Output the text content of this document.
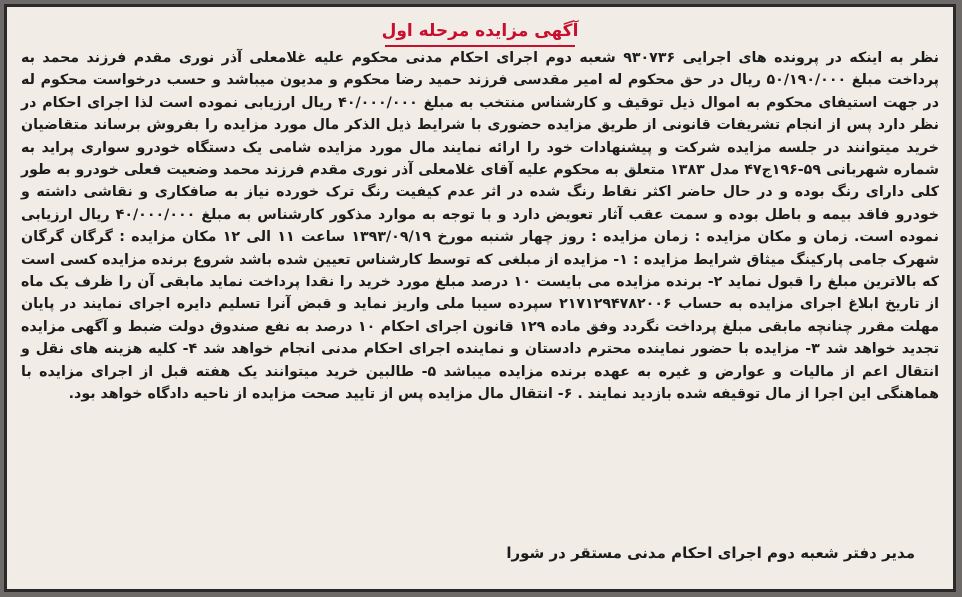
آگهی مزایده مرحله اول

نظر به اینکه در پرونده های اجرایی ۹۳۰۷۳۶ شعبه دوم اجرای احکام مدنی محکوم علیه غلامعلی آذر نوری مقدم فرزند محمد به پرداخت مبلغ ۵۰/۱۹۰/۰۰۰ ریال در حق محکوم له امیر مقدسی فرزند حمید رضا محکوم و مدیون میباشد و حسب درخواست محکوم له در جهت استیفای محکوم به اموال ذیل توقیف و کارشناس منتخب به مبلغ ۴۰/۰۰۰/۰۰۰ ریال ارزیابی نموده است لذا اجرای احکام در نظر دارد پس از انجام تشریفات قانونی از طریق مزایده حضوری با شرایط ذیل الذکر مال مورد مزایده را بفروش برساند متقاضیان خرید میتوانند در جلسه مزایده شرکت و پیشنهادات خود را ارائه نمایند مال مورد مزایده شامی یک دستگاه خودرو سواری پراید به شماره شهربانی ۵۹-۱۹۶ج۴۷ مدل ۱۳۸۳ متعلق به محکوم علیه آقای غلامعلی آذر نوری مقدم فرزند محمد وضعیت فعلی خودرو به طور کلی دارای رنگ بوده و در حال حاضر اکثر نقاط رنگ شده در اثر عدم کیفیت رنگ ترک خورده نیاز به صافکاری و نقاشی داشته و خودرو فاقد بیمه و باطل بوده و سمت عقب آثار تعویض دارد و با توجه به موارد مذکور کارشناس به مبلغ ۴۰/۰۰۰/۰۰۰ ریال ارزیابی نموده است. زمان و مکان مزایده : زمان مزایده : روز چهار شنبه مورخ ۱۳۹۳/۰۹/۱۹ ساعت ۱۱ الی ۱۲ مکان مزایده : گرگان گرگان شهرک جامی پارکینگ میثاق شرایط مزایده : ۱- مزایده از مبلغی که توسط کارشناس تعیین شده باشد شروع برنده مزایده کسی است که بالاترین مبلغ را قبول نماید ۲- برنده مزایده می بایست ۱۰ درصد مبلغ مورد خرید را نقدا پرداخت نماید مابقی آن را ظرف یک ماه از تاریخ ابلاغ اجرای مزایده به حساب ۲۱۷۱۲۹۴۷۸۲۰۰۶ سپرده سیبا ملی واریز نماید و قبض آنرا تسلیم دایره اجرای نمایند در پایان مهلت مقرر چنانچه مابقی مبلغ پرداخت نگردد وفق ماده ۱۲۹ قانون اجرای احکام ۱۰ درصد به نفع صندوق دولت ضبط و آگهی مزایده تجدید خواهد شد ۳- مزایده با حضور نماینده محترم دادستان و نماینده اجرای احکام مدنی انجام خواهد شد ۴- کلیه هزینه های نقل و انتقال اعم از مالیات و عوارض و غیره به عهده برنده مزایده میباشد ۵- طالبین خرید میتوانند یک هفته قبل از اجرای مزایده با هماهنگی این اجرا از مال توقیفه شده بازدید نمایند . ۶- انتقال مال مزایده پس از تایید صحت مزایده از ناحیه دادگاه خواهد بود.

مدیر دفتر شعبه دوم اجرای احکام مدنی مستقر در شورا
